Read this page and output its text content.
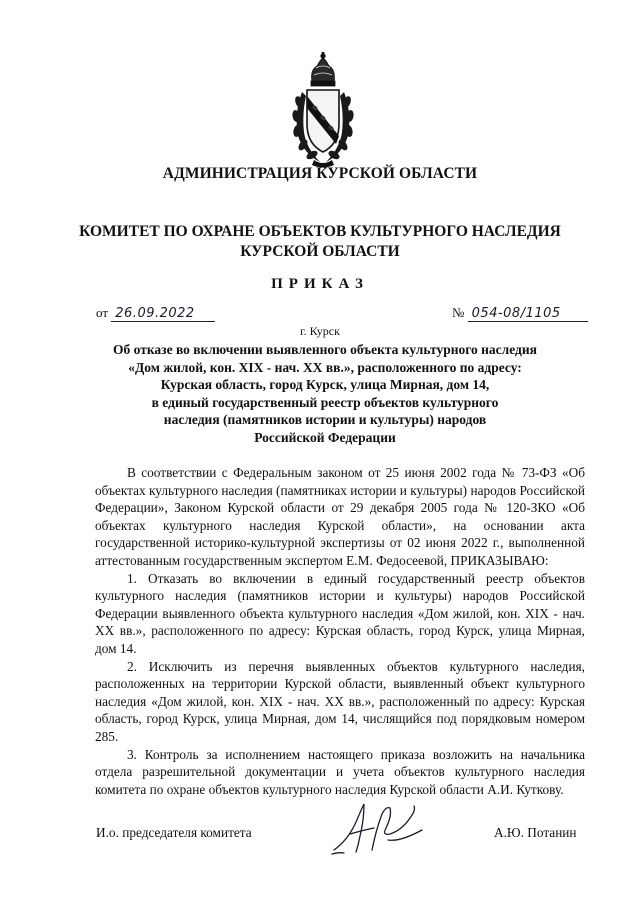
АДМИНИСТРАЦИЯ КУРСКОЙ ОБЛАСТИ
КОМИТЕТ ПО ОХРАНЕ ОБЪЕКТОВ КУЛЬТУРНОГО НАСЛЕДИЯ
КУРСКОЙ ОБЛАСТИ
ПРИКАЗ
от 26.09.2022	№ 054-08/1105
г. Курск
Об отказе во включении выявленного объекта культурного наследия
«Дом жилой, кон. XIX - нач. XX вв.», расположенного по адресу:
Курская область, город Курск, улица Мирная, дом 14,
в единый государственный реестр объектов культурного
наследия (памятников истории и культуры) народов
Российской Федерации

В соответствии с Федеральным законом от 25 июня 2002 года № 73-ФЗ «Об объектах культурного наследия (памятниках истории и культуры) народов Российской Федерации», Законом Курской области от 29 декабря 2005 года № 120-ЗКО «Об объектах культурного наследия Курской области», на основании акта государственной историко-культурной экспертизы от 02 июня 2022 г., выполненной аттестованным государственным экспертом Е.М. Федосеевой, ПРИКАЗЫВАЮ:

1. Отказать во включении в единый государственный реестр объектов культурного наследия (памятников истории и культуры) народов Российской Федерации выявленного объекта культурного наследия «Дом жилой, кон. XIX - нач. XX вв.», расположенного по адресу: Курская область, город Курск, улица Мирная, дом 14.

2. Исключить из перечня выявленных объектов культурного наследия, расположенных на территории Курской области, выявленный объект культурного наследия «Дом жилой, кон. XIX - нач. XX вв.», расположенный по адресу: Курская область, город Курск, улица Мирная, дом 14, числящийся под порядковым номером 285.

3. Контроль за исполнением настоящего приказа возложить на начальника отдела разрешительной документации и учета объектов культурного наследия комитета по охране объектов культурного наследия Курской области А.И. Куткову.

И.о. председателя комитета	А.Ю. Потанин
